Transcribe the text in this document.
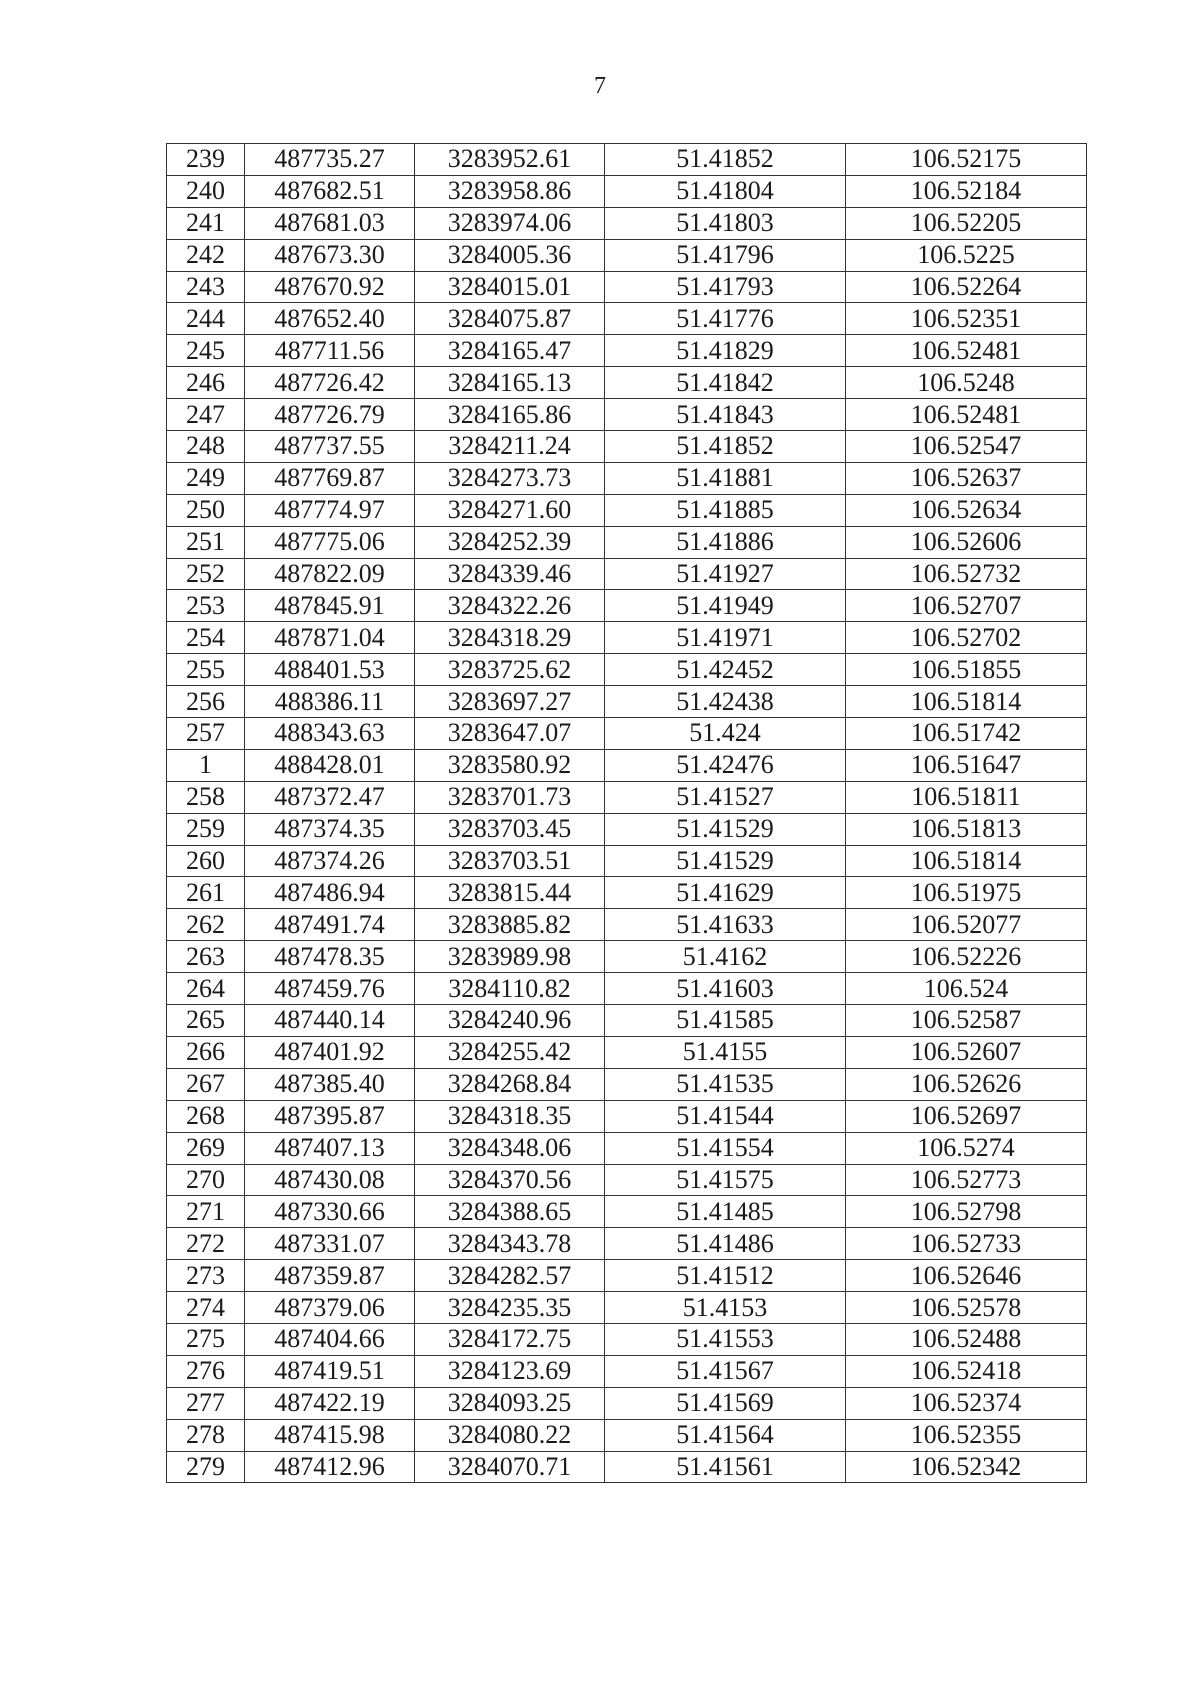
7
239	487735.27	3283952.61	51.41852	106.52175
240	487682.51	3283958.86	51.41804	106.52184
241	487681.03	3283974.06	51.41803	106.52205
242	487673.30	3284005.36	51.41796	106.5225
243	487670.92	3284015.01	51.41793	106.52264
244	487652.40	3284075.87	51.41776	106.52351
245	487711.56	3284165.47	51.41829	106.52481
246	487726.42	3284165.13	51.41842	106.5248
247	487726.79	3284165.86	51.41843	106.52481
248	487737.55	3284211.24	51.41852	106.52547
249	487769.87	3284273.73	51.41881	106.52637
250	487774.97	3284271.60	51.41885	106.52634
251	487775.06	3284252.39	51.41886	106.52606
252	487822.09	3284339.46	51.41927	106.52732
253	487845.91	3284322.26	51.41949	106.52707
254	487871.04	3284318.29	51.41971	106.52702
255	488401.53	3283725.62	51.42452	106.51855
256	488386.11	3283697.27	51.42438	106.51814
257	488343.63	3283647.07	51.424	106.51742
1	488428.01	3283580.92	51.42476	106.51647
258	487372.47	3283701.73	51.41527	106.51811
259	487374.35	3283703.45	51.41529	106.51813
260	487374.26	3283703.51	51.41529	106.51814
261	487486.94	3283815.44	51.41629	106.51975
262	487491.74	3283885.82	51.41633	106.52077
263	487478.35	3283989.98	51.4162	106.52226
264	487459.76	3284110.82	51.41603	106.524
265	487440.14	3284240.96	51.41585	106.52587
266	487401.92	3284255.42	51.4155	106.52607
267	487385.40	3284268.84	51.41535	106.52626
268	487395.87	3284318.35	51.41544	106.52697
269	487407.13	3284348.06	51.41554	106.5274
270	487430.08	3284370.56	51.41575	106.52773
271	487330.66	3284388.65	51.41485	106.52798
272	487331.07	3284343.78	51.41486	106.52733
273	487359.87	3284282.57	51.41512	106.52646
274	487379.06	3284235.35	51.4153	106.52578
275	487404.66	3284172.75	51.41553	106.52488
276	487419.51	3284123.69	51.41567	106.52418
277	487422.19	3284093.25	51.41569	106.52374
278	487415.98	3284080.22	51.41564	106.52355
279	487412.96	3284070.71	51.41561	106.52342
